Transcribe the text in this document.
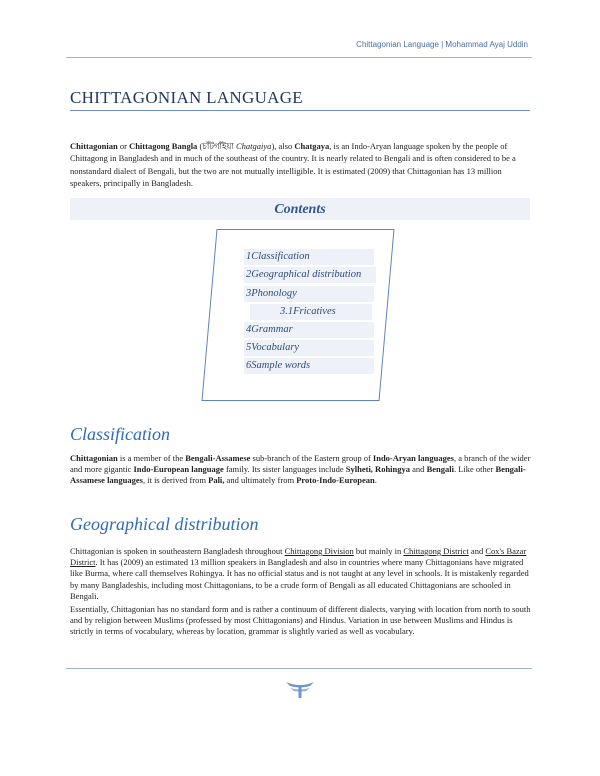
Chittagonian Language | Mohammad Ayaj Uddin
CHITTAGONIAN LANGUAGE

Chittagonian or Chittagong Bangla (চাঁটগাঁইয়া Chatgaiya), also Chatgaya, is an Indo-Aryan language spoken by the people of Chittagong in Bangladesh and in much of the southeast of the country. It is nearly related to Bengali and is often considered to be a nonstandard dialect of Bengali, but the two are not mutually intelligible. It is estimated (2009) that Chittagonian has 13 million speakers, principally in Bangladesh.

Contents
1Classification
2Geographical distribution
3Phonology
3.1Fricatives
4Grammar
5Vocabulary
6Sample words
Classification

Chittagonian is a member of the Bengali-Assamese sub-branch of the Eastern group of Indo-Aryan languages, a branch of the wider and more gigantic Indo-European language family. Its sister languages include Sylheti, Rohingya and Bengali. Like other Bengali-Assamese languages, it is derived from Pali, and ultimately from Proto-Indo-European.

Geographical distribution

Chittagonian is spoken in southeastern Bangladesh throughout Chittagong Division but mainly in Chittagong District and Cox's Bazar District. It has (2009) an estimated 13 million speakers in Bangladesh and also in countries where many Chittagonians have migrated like Burma, where call themselves Rohingya. It has no official status and is not taught at any level in schools. It is mistakenly regarded by many Bangladeshis, including most Chittagonians, to be a crude form of Bengali as all educated Chittagonians are schooled in Bengali.

Essentially, Chittagonian has no standard form and is rather a continuum of different dialects, varying with location from north to south and by religion between Muslims (professed by most Chittagonians) and Hindus. Variation in use between Muslims and Hindus is strictly in terms of vocabulary, whereas by location, grammar is slightly varied as well as vocabulary.
